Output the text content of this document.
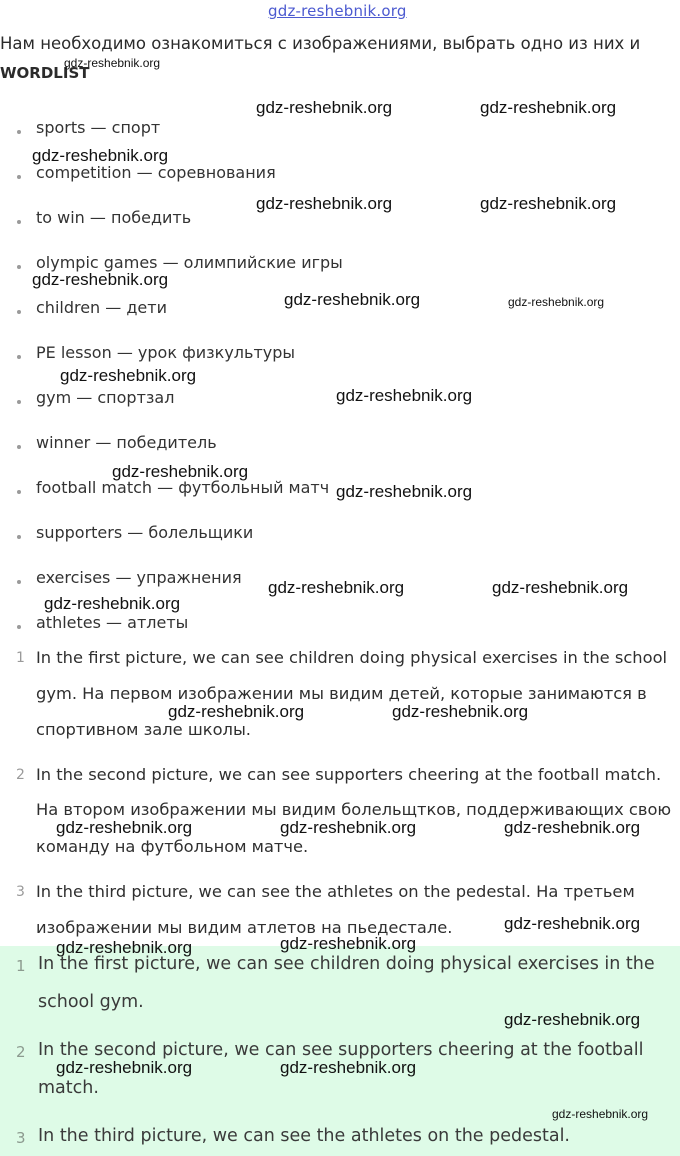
gdz-reshebnik.org
Нам необходимо ознакомиться с изображениями, выбрать одно из них и
WORDLIST
sports — спорт
competition — соревнования
to win — победить
olympic games — олимпийские игры
children — дети
PE lesson — урок физкультуры
gym — спортзал
winner — победитель
football match — футбольный матч
supporters — болельщики
exercises — упражнения
athletes — атлеты
1 In the first picture, we can see children doing physical exercises in the school
gym. На первом изображении мы видим детей, которые занимаются в
спортивном зале школы.
2 In the second picture, we can see supporters cheering at the football match.
На втором изображении мы видим болельщтков, поддерживающих свою
команду на футбольном матче.
3 In the third picture, we can see the athletes on the pedestal. На третьем
изображении мы видим атлетов на пьедестале.
1 In the first picture, we can see children doing physical exercises in the
school gym.
2 In the second picture, we can see supporters cheering at the football
match.
3 In the third picture, we can see the athletes on the pedestal.
gdz-reshebnik.org
gdz-reshebnik.org	gdz-reshebnik.org
gdz-reshebnik.org
gdz-reshebnik.org	gdz-reshebnik.org
gdz-reshebnik.org
gdz-reshebnik.org	gdz-reshebnik.org
gdz-reshebnik.org
gdz-reshebnik.org
gdz-reshebnik.org
gdz-reshebnik.org
gdz-reshebnik.org	gdz-reshebnik.org
gdz-reshebnik.org
gdz-reshebnik.org	gdz-reshebnik.org
gdz-reshebnik.org	gdz-reshebnik.org	gdz-reshebnik.org
gdz-reshebnik.org
gdz-reshebnik.org	gdz-reshebnik.org
gdz-reshebnik.org
gdz-reshebnik.org	gdz-reshebnik.org
gdz-reshebnik.org
